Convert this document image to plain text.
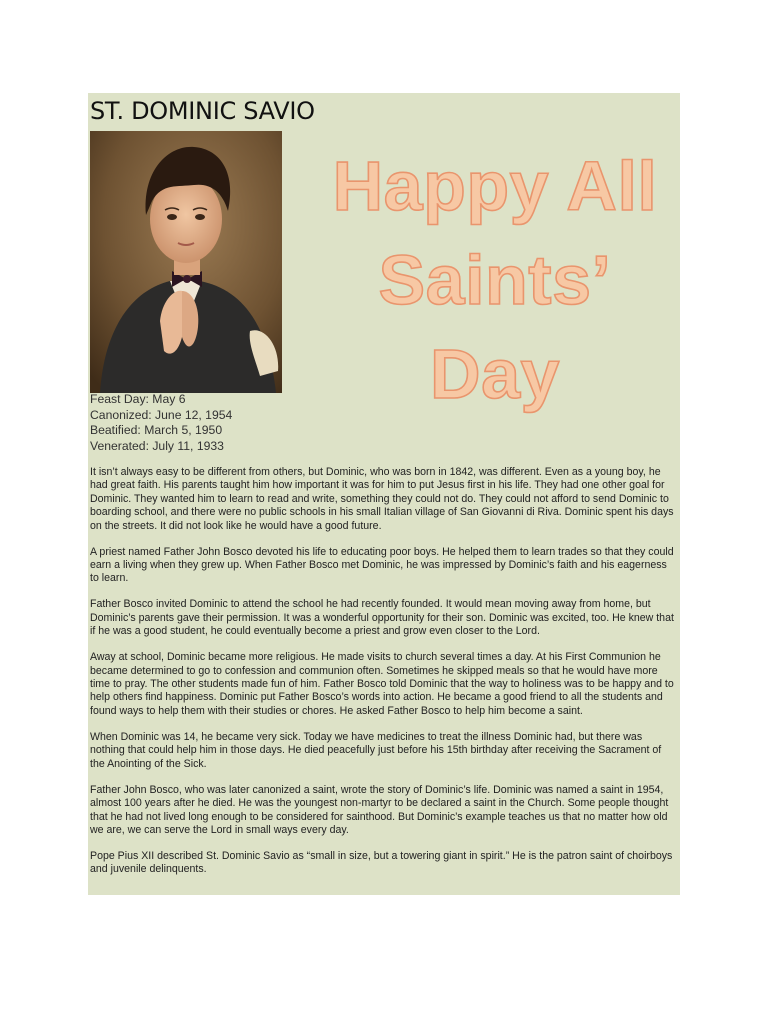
ST. DOMINIC SAVIO
Happy All
Saints’
Day
Feast Day: May 6
Canonized: June 12, 1954
Beatified: March 5, 1950
Venerated: July 11, 1933

It isn’t always easy to be different from others, but Dominic, who was born in 1842, was different. Even as a young boy, he had great faith. His parents taught him how important it was for him to put Jesus first in his life. They had one other goal for Dominic. They wanted him to learn to read and write, something they could not do. They could not afford to send Dominic to boarding school, and there were no public schools in his small Italian village of San Giovanni di Riva. Dominic spent his days on the streets. It did not look like he would have a good future.

A priest named Father John Bosco devoted his life to educating poor boys. He helped them to learn trades so that they could earn a living when they grew up. When Father Bosco met Dominic, he was impressed by Dominic’s faith and his eagerness to learn.

Father Bosco invited Dominic to attend the school he had recently founded. It would mean moving away from home, but Dominic’s parents gave their permission. It was a wonderful opportunity for their son. Dominic was excited, too. He knew that if he was a good student, he could eventually become a priest and grow even closer to the Lord.

Away at school, Dominic became more religious. He made visits to church several times a day. At his First Communion he became determined to go to confession and communion often. Sometimes he skipped meals so that he would have more time to pray. The other students made fun of him. Father Bosco told Dominic that the way to holiness was to be happy and to help others find happiness. Dominic put Father Bosco’s words into action. He became a good friend to all the students and found ways to help them with their studies or chores. He asked Father Bosco to help him become a saint.

When Dominic was 14, he became very sick. Today we have medicines to treat the illness Dominic had, but there was nothing that could help him in those days. He died peacefully just before his 15th birthday after receiving the Sacrament of the Anointing of the Sick.

Father John Bosco, who was later canonized a saint, wrote the story of Dominic’s life. Dominic was named a saint in 1954, almost 100 years after he died. He was the youngest non-martyr to be declared a saint in the Church. Some people thought that he had not lived long enough to be considered for sainthood. But Dominic’s example teaches us that no matter how old we are, we can serve the Lord in small ways every day.

Pope Pius XII described St. Dominic Savio as “small in size, but a towering giant in spirit.” He is the patron saint of choirboys and juvenile delinquents.
